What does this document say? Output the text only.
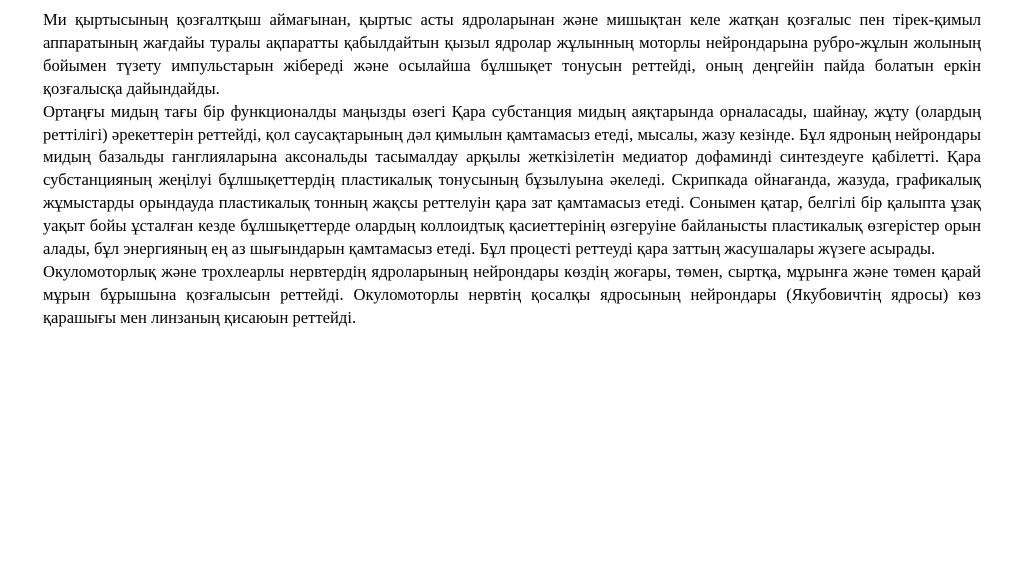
Ми қыртысының қозғалтқыш аймағынан, қыртыс асты ядроларынан және мишықтан келе жатқан қозғалыс пен тірек-қимыл аппаратының жағдайы туралы ақпаратты қабылдайтын қызыл ядролар жұлынның моторлы нейрондарына рубро-жұлын жолының бойымен түзету импульстарын жібереді және осылайша бұлшықет тонусын реттейді, оның деңгейін пайда болатын еркін қозғалысқа дайындайды.

Ортаңғы мидың тағы бір функционалды маңызды өзегі Қара субстанция мидың аяқтарында орналасады, шайнау, жұту (олардың реттілігі) әрекеттерін реттейді, қол саусақтарының дәл қимылын қамтамасыз етеді, мысалы, жазу кезінде. Бұл ядроның нейрондары мидың базальды ганглияларына аксональды тасымалдау арқылы жеткізілетін медиатор дофаминді синтездеуге қабілетті. Қара субстанцияның жеңілуі бұлшықеттердің пластикалық тонусының бұзылуына әкеледі. Скрипкада ойнағанда, жазуда, графикалық жұмыстарды орындауда пластикалық тонның жақсы реттелуін қара зат қамтамасыз етеді. Сонымен қатар, белгілі бір қалыпта ұзақ уақыт бойы ұсталған кезде бұлшықеттерде олардың коллоидтық қасиеттерінің өзгеруіне байланысты пластикалық өзгерістер орын алады, бұл энергияның ең аз шығындарын қамтамасыз етеді. Бұл процесті реттеуді қара заттың жасушалары жүзеге асырады.

Окуломоторлық және трохлеарлы нервтердің ядроларының нейрондары көздің жоғары, төмен, сыртқа, мұрынға және төмен қарай мұрын бұрышына қозғалысын реттейді. Окуломоторлы нервтің қосалқы ядросының нейрондары (Якубовичтің ядросы) көз қарашығы мен линзаның қисаюын реттейді.
